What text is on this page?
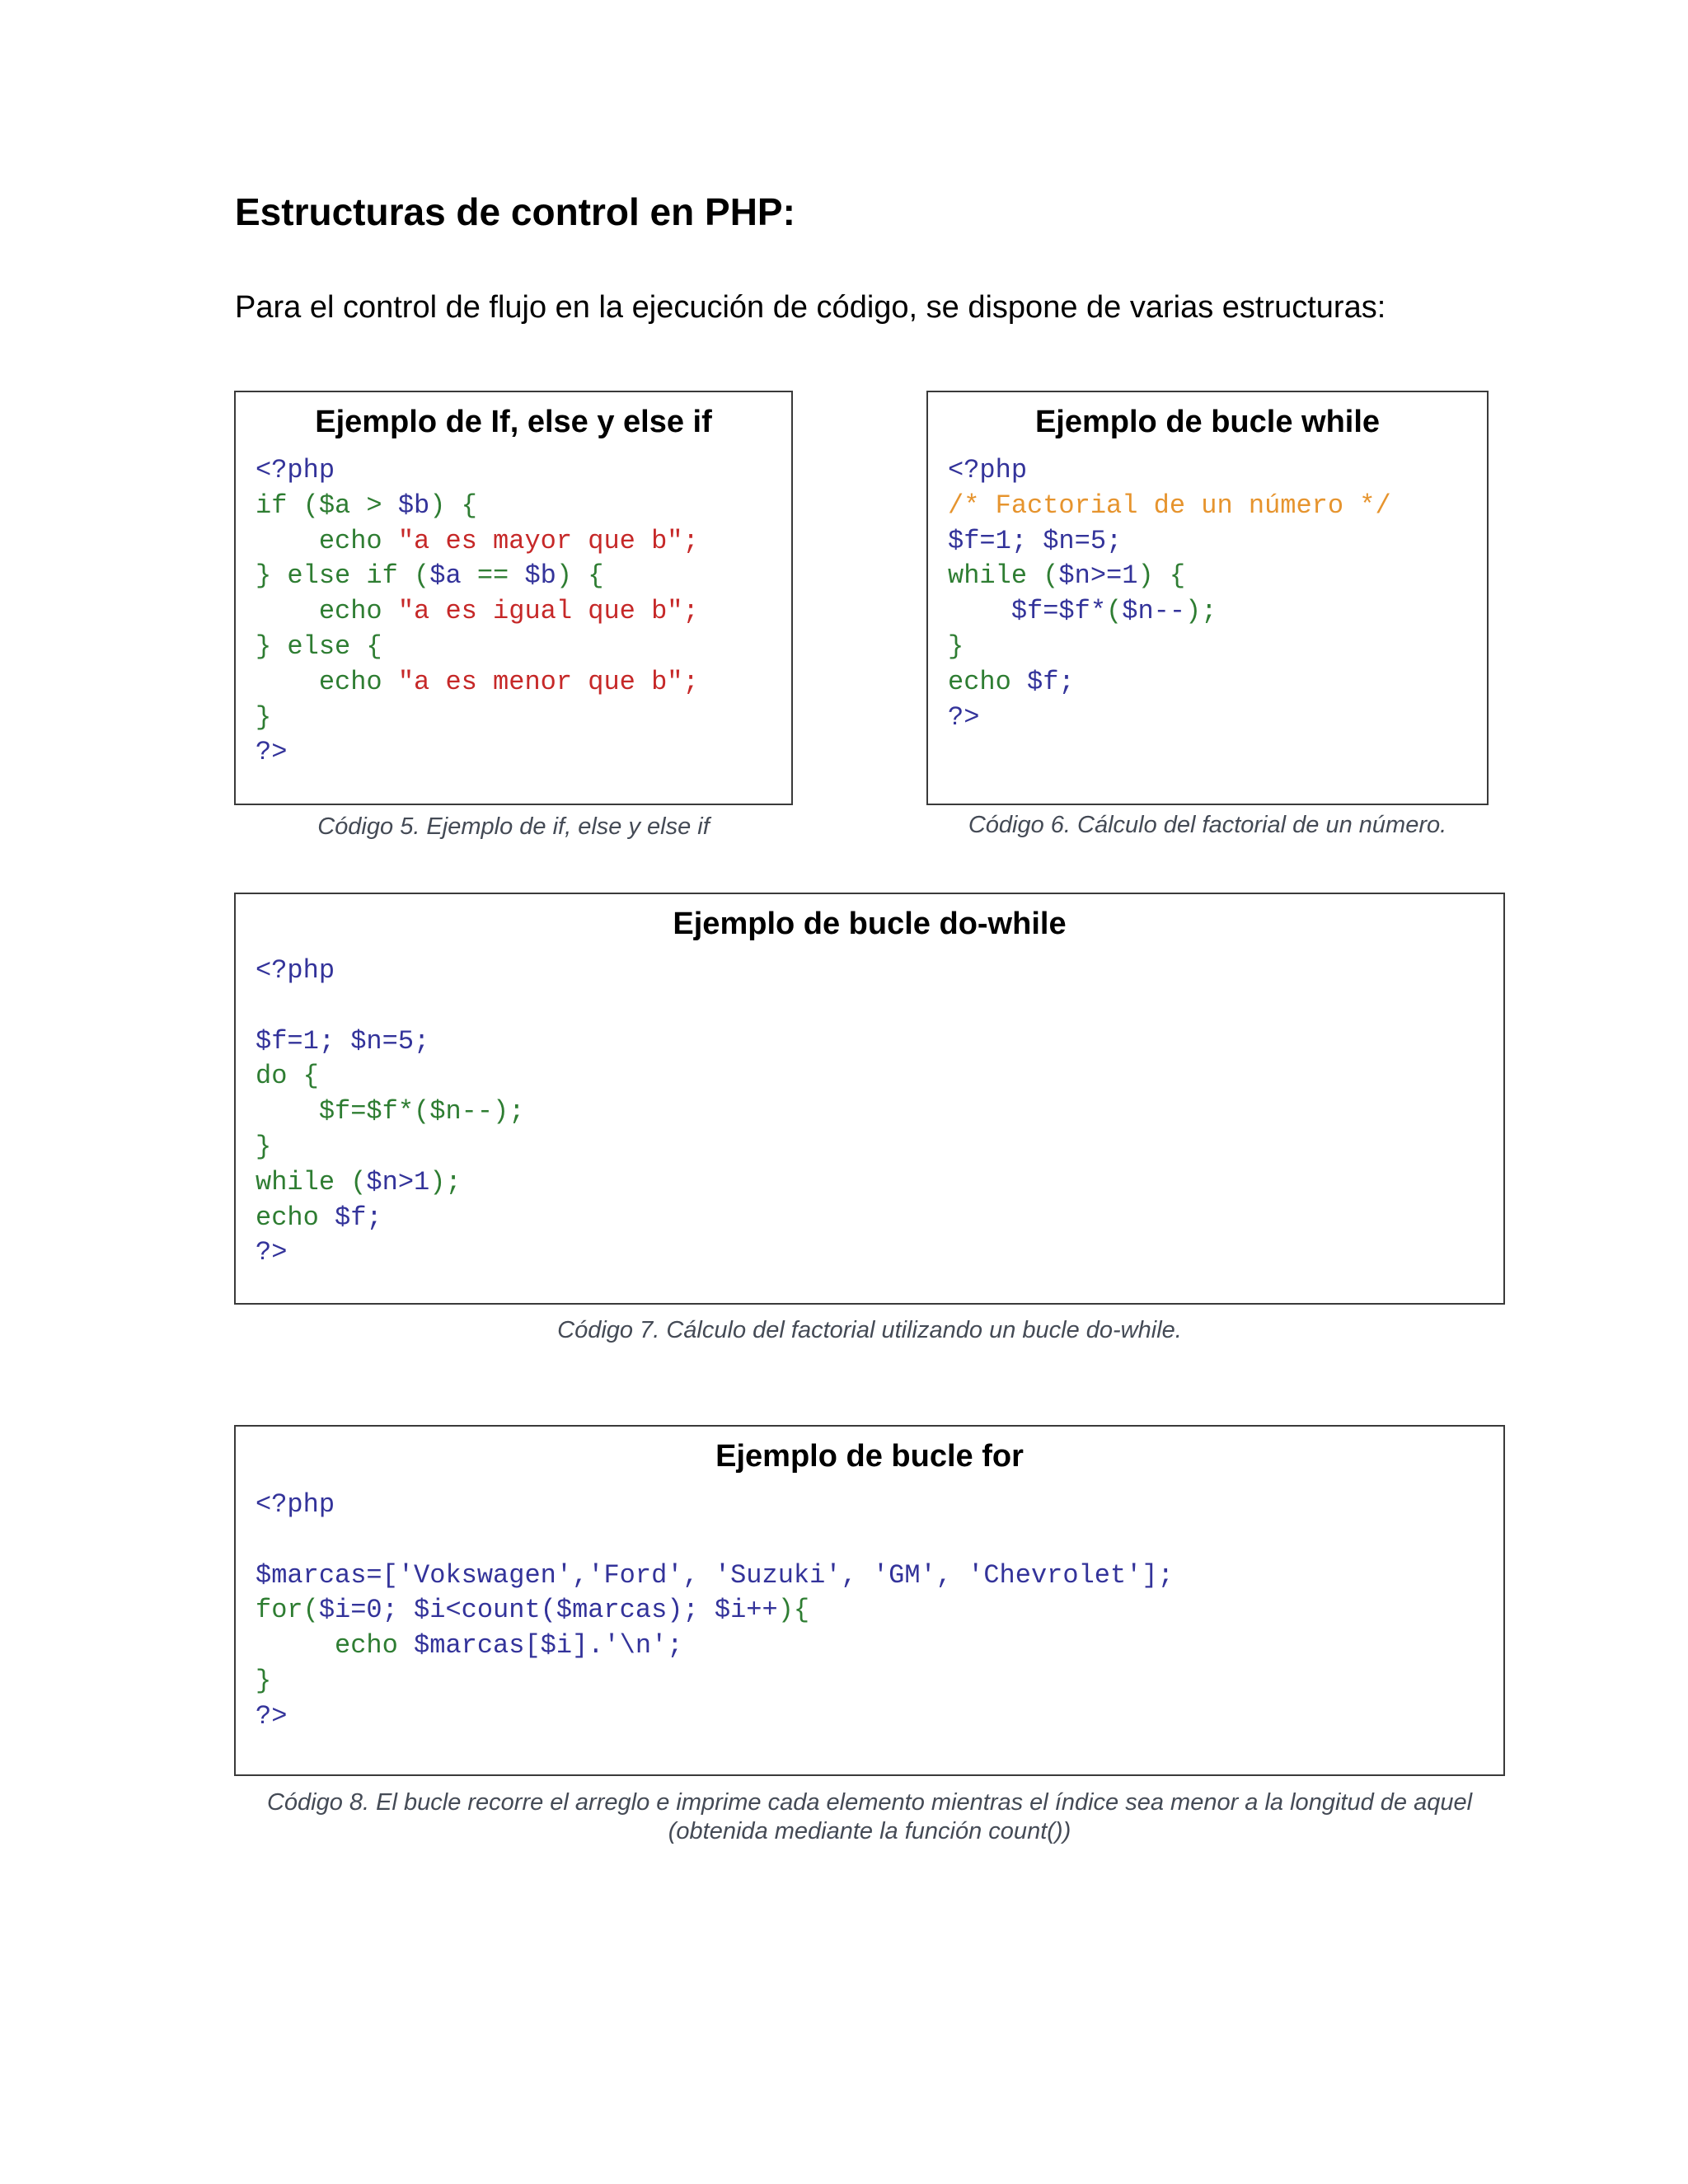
Estructuras de control en PHP:

Para el control de flujo en la ejecución de código, se dispone de varias estructuras:

Ejemplo de If, else y else if
<?php
if ($a > $b) {
echo "a es mayor que b";
} else if ($a == $b) {
echo "a es igual que b";
} else {
echo "a es menor que b";
}
?>

Código 5. Ejemplo de if, else y else if

Ejemplo de bucle while
<?php
/* Factorial de un número */
$f=1; $n=5;
while ($n>=1) {
$f=$f*($n--);
}
echo $f;
?>

Código 6. Cálculo del factorial de un número.

Ejemplo de bucle do-while
<?php
$f=1; $n=5;
do {
$f=$f*($n--);
}
while ($n>1);
echo $f;
?>

Código 7. Cálculo del factorial utilizando un bucle do-while.

Ejemplo de bucle for
<?php
$marcas=['Vokswagen','Ford', 'Suzuki', 'GM', 'Chevrolet'];
for($i=0; $i<count($marcas); $i++){
echo $marcas[$i].'\n';
}
?>

Código 8. El bucle recorre el arreglo e imprime cada elemento mientras el índice sea menor a la longitud de aquel
(obtenida mediante la función count())
